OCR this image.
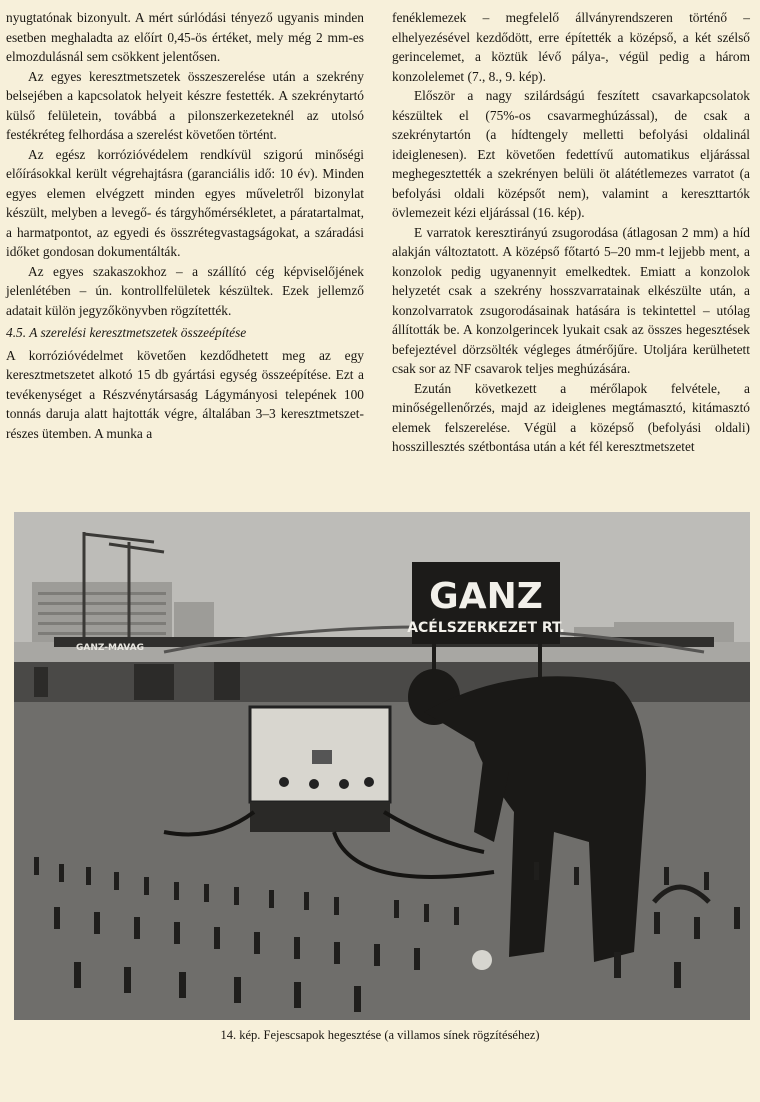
nyugtatónak bizonyult. A mért súrlódási tényező ugyanis minden esetben meghaladta az előírt 0,45-ös értéket, mely még 2 mm-es elmozdulásnál sem csökkent jelentősen.

Az egyes keresztmetszetek összeszerelése után a szekrény belsejében a kapcsolatok helyeit készre festették. A szekrénytartó külső felületein, továbbá a pilonszerkezeteknél az utolsó festékréteg felhordása a szerelést követően történt.

Az egész korrózióvédelem rendkívül szigorú minőségi előírásokkal került végrehajtásra (garanciális idő: 10 év). Minden egyes elemen elvégzett minden egyes műveletről bizonylat készült, melyben a levegő- és tárgyhőmérsékletet, a páratartalmat, a harmatpontot, az egyedi és összrétegvastagságokat, a száradási időket gondosan dokumentálták.

Az egyes szakaszokhoz – a szállító cég képviselőjének jelenlétében – ún. kontrollfelületek készültek. Ezek jellemző adatait külön jegyzőkönyvben rögzítették.

4.5. A szerelési keresztmetszetek összeépítése

A korrózióvédelmet követően kezdődhetett meg az egy keresztmetszetet alkotó 15 db gyártási egység összeépítése. Ezt a tevékenységet a Részvénytársaság Lágymányosi telepének 100 tonnás daruja alatt hajtották végre, általában 3–3 keresztmetszet-részes ütemben. A munka a

fenéklemezek – megfelelő állványrendszeren történő – elhelyezésével kezdődött, erre építették a középső, a két szélső gerincelemet, a köztük lévő pálya-, végül pedig a három konzolelemet (7., 8., 9. kép).

Először a nagy szilárdságú feszített csavarkapcsolatok készültek el (75%-os csavarmeghúzással), de csak a szekrénytartón (a hídtengely melletti befolyási oldalinál ideiglenesen). Ezt követően fedettívű automatikus eljárással meghegesztették a szekrényen belüli öt alátétlemezes varratot (a befolyási oldali középsőt nem), valamint a kereszttartók övlemezeit kézi eljárással (16. kép).

E varratok keresztirányú zsugorodása (átlagosan 2 mm) a híd alakján változtatott. A középső főtartó 5–20 mm-t lejjebb ment, a konzolok pedig ugyanennyit emelkedtek. Emiatt a konzolok helyzetét csak a szekrény hosszvarratainak elkészülte után, a konzolvarratok zsugorodásainak hatására is tekintettel – utólag állították be. A konzolgerincek lyukait csak az összes hegesztések befejeztével dörzsölték végleges átmérőjűre. Utoljára kerülhetett csak sor az NF csavarok teljes meghúzására.

Ezután következett a mérőlapok felvétele, a minőségellenőrzés, majd az ideiglenes megtámasztó, kitámasztó elemek felszerelése. Végül a középső (befolyási oldali) hosszillesztés szétbontása után a két fél keresztmetszetet

GANZ-MAVAG
GANZ
ACÉLSZERKEZET RT.
14. kép. Fejescsapok hegesztése (a villamos sínek rögzítéséhez)
